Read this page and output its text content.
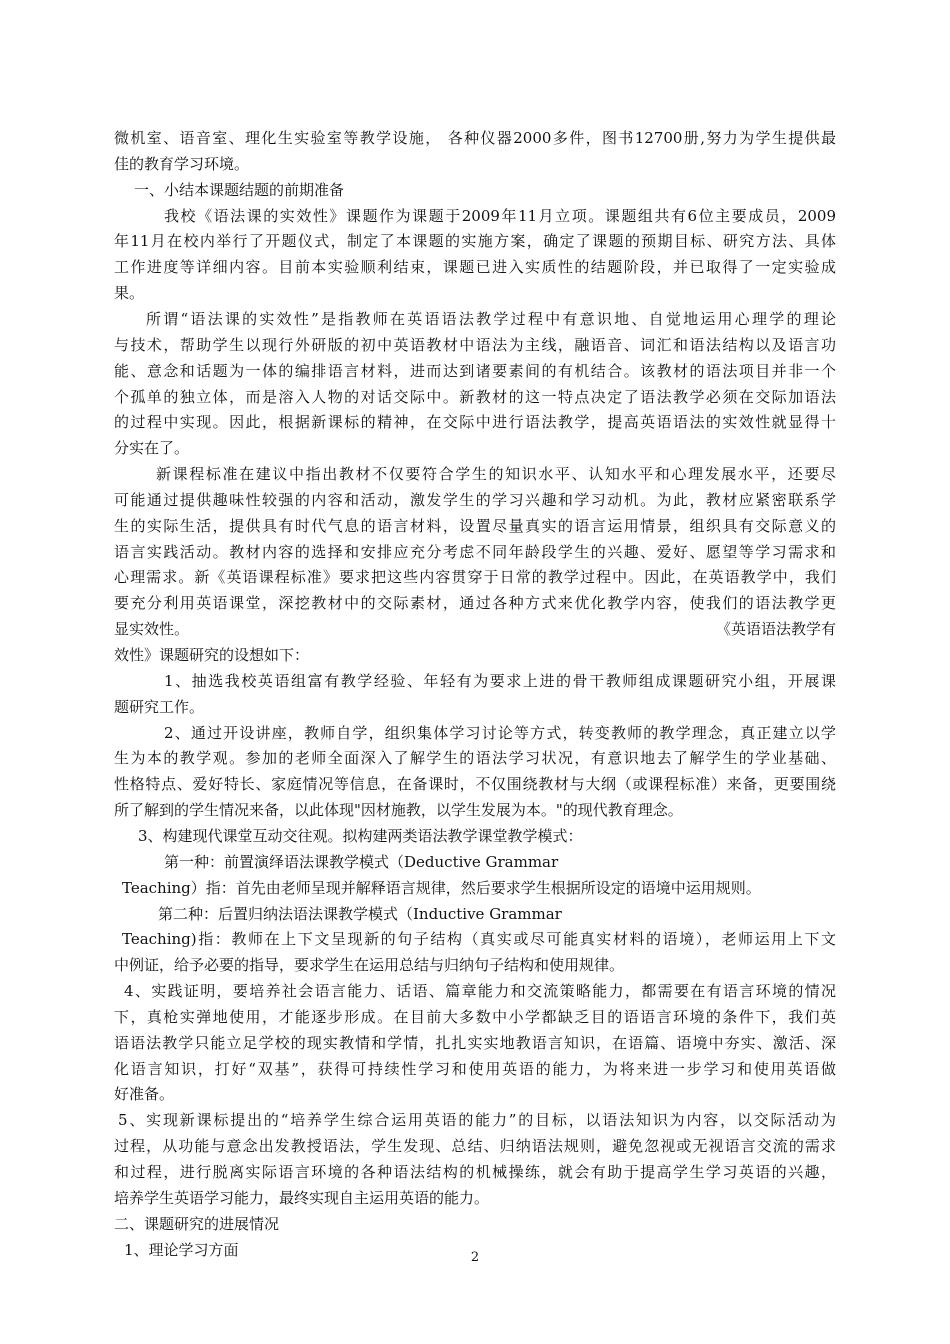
2
微机室、语音室、理化生实验室等教学设施， 各种仪器2000多件，图书12700册,努力为学生提供最
佳的教育学习环境。
一、小结本课题结题的前期准备
我校《语法课的实效性》课题作为课题于2009年11月立项。课题组共有6位主要成员，2009
年11月在校内举行了开题仪式，制定了本课题的实施方案，确定了课题的预期目标、研究方法、具体
工作进度等详细内容。目前本实验顺利结束，课题已进入实质性的结题阶段，并已取得了一定实验成
果。
所谓“语法课的实效性”是指教师在英语语法教学过程中有意识地、自觉地运用心理学的理论
与技术，帮助学生以现行外研版的初中英语教材中语法为主线，融语音、词汇和语法结构以及语言功
能、意念和话题为一体的编排语言材料，进而达到诸要素间的有机结合。该教材的语法项目并非一个
个孤单的独立体，而是溶入人物的对话交际中。新教材的这一特点决定了语法教学必须在交际加语法
的过程中实现。因此，根据新课标的精神，在交际中进行语法教学，提高英语语法的实效性就显得十
分实在了。
新课程标准在建议中指出教材不仅要符合学生的知识水平、认知水平和心理发展水平，还要尽
可能通过提供趣味性较强的内容和活动，激发学生的学习兴趣和学习动机。为此，教材应紧密联系学
生的实际生活，提供具有时代气息的语言材料，设置尽量真实的语言运用情景，组织具有交际意义的
语言实践活动。教材内容的选择和安排应充分考虑不同年龄段学生的兴趣、爱好、愿望等学习需求和
心理需求。新《英语课程标准》要求把这些内容贯穿于日常的教学过程中。因此，在英语教学中，我们
要充分利用英语课堂，深挖教材中的交际素材，通过各种方式来优化教学内容，使我们的语法教学更
显实效性。	《英语语法教学有
效性》课题研究的设想如下：
1、抽选我校英语组富有教学经验、年轻有为要求上进的骨干教师组成课题研究小组，开展课
题研究工作。
2、通过开设讲座，教师自学，组织集体学习讨论等方式，转变教师的教学理念，真正建立以学
生为本的教学观。参加的老师全面深入了解学生的语法学习状况，有意识地去了解学生的学业基础、
性格特点、爱好特长、家庭情况等信息，在备课时，不仅围绕教材与大纲（或课程标准）来备，更要围绕
所了解到的学生情况来备，以此体现"因材施教，以学生发展为本。"的现代教育理念。
3、构建现代课堂互动交往观。拟构建两类语法教学课堂教学模式：
第一种：前置演绎语法课教学模式（Deductive Grammar
Teaching）指：首先由老师呈现并解释语言规律，然后要求学生根据所设定的语境中运用规则。
第二种：后置归纳法语法课教学模式（Inductive Grammar
Teaching)指：教师在上下文呈现新的句子结构（真实或尽可能真实材料的语境），老师运用上下文
中例证，给予必要的指导，要求学生在运用总结与归纳句子结构和使用规律。
4、实践证明，要培养社会语言能力、话语、篇章能力和交流策略能力，都需要在有语言环境的情况
下，真枪实弹地使用，才能逐步形成。在目前大多数中小学都缺乏目的语语言环境的条件下，我们英
语语法教学只能立足学校的现实教情和学情，扎扎实实地教语言知识，在语篇、语境中夯实、激活、深
化语言知识，打好“双基”，获得可持续性学习和使用英语的能力，为将来进一步学习和使用英语做
好准备。
5、实现新课标提出的“培养学生综合运用英语的能力”的目标，以语法知识为内容，以交际活动为
过程，从功能与意念出发教授语法，学生发现、总结、归纳语法规则，避免忽视或无视语言交流的需求
和过程，进行脱离实际语言环境的各种语法结构的机械操练，就会有助于提高学生学习英语的兴趣，
培养学生英语学习能力，最终实现自主运用英语的能力。
二、课题研究的进展情况
1、理论学习方面
